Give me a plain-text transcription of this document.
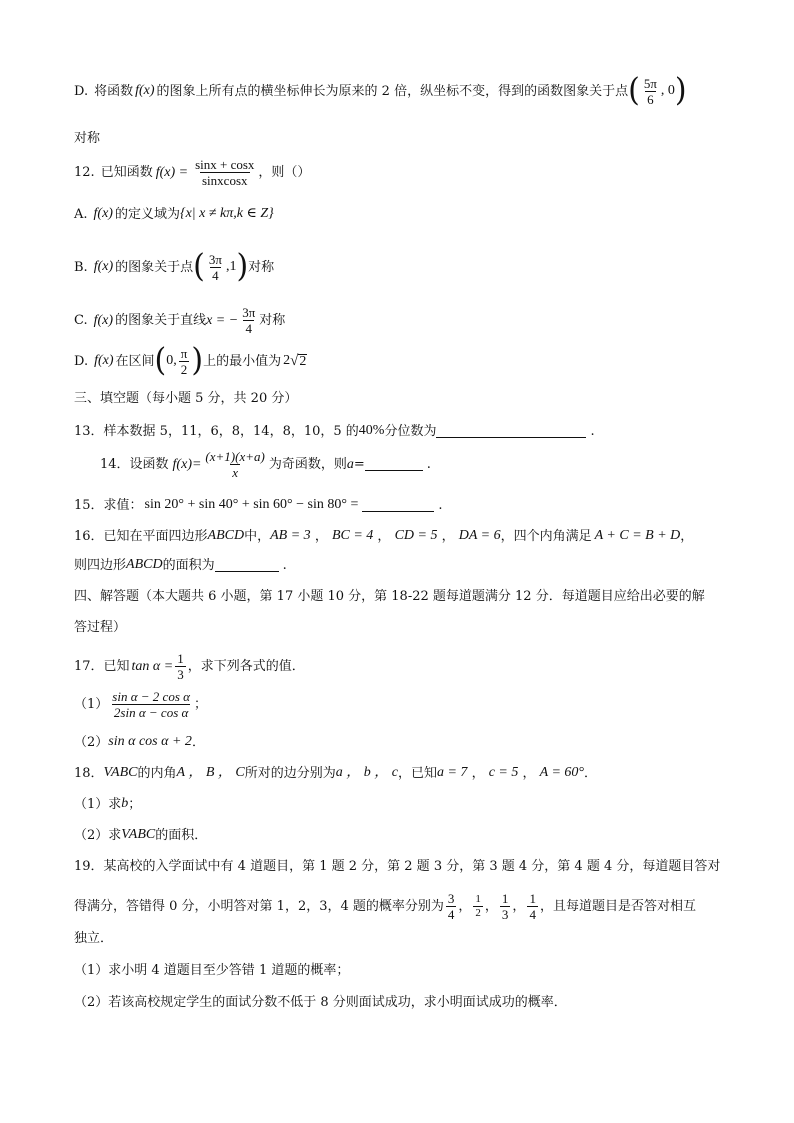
D. 将函数 f(x) 的图象上所有点的横坐标伸长为原来的 2 倍，纵坐标不变，得到的函数图象关于点 ( $\frac{5\pi}{6}$ , 0 )
对称
12. 已知函数 $f(x) = \frac{\sin x + \cos x}{\text{sinxcosx}}$ ，则（）
A. f(x) 的定义域为 {x| x ≠ kπ,k ∈ Z}
B. f(x) 的图象关于点 ( $\frac{3\pi}{4} ,1$ ) 对称
C. f(x) 的图象关于直线 x = − $\frac{3\pi}{4}$ 对称
D. f(x) 在区间 ( 0, $\frac{\pi}{2}$ ) 上的最小值为 2 √ 2
三、填空题（每小题 5 分，共 20 分）
13．样本数据 5，11，6，8，14，8，10，5 的 40% 分位数为	.
14．设函数 $f(x)= \frac{(x+1)(x+a)}{x}$ 为奇函数，则 a =	.
15．求值： sin 20° + sin 40° + sin 60° − sin 80° =	.
16．已知在平面四边形 ABCD 中， AB = 3 ， BC = 4 ， CD = 5 ， DA = 6 ，四个内角满足 A + C = B + D ，
则四边形 ABCD 的面积为	.
四、解答题（本大题共 6 小题，第 17 小题 10 分，第 18-22 题每道题满分 12 分．每道题目应给出必要的解
答过程）
17．已知 $\tan \alpha = \frac{1}{3}$ ，求下列各式的值．
$(1) \frac{\text{sin α − 2 cos α}}{\text{2sin α − cos α}}$ ；
（2） sin α cos α + 2 ．
18． VABC 的内角 A ， B ， C 所对的边分别为 a ， b ， c ，已知 a = 7 ， c = 5 ， A = 60° ．
（1）求 b ；
（2）求 VABC 的面积．
19．某高校的入学面试中有 4 道题目，第 1 题 2 分，第 2 题 3 分，第 3 题 4 分，第 4 题 4 分，每道题目答对
得满分，答错得 0 分，小明答对第 1，2，3，4 题的概率分别为 $\frac{3}{4}$ ， $\frac{1}{2}$ ， $\frac{1}{3}$ ， $\frac{1}{4}$ ，且每道题目是否答对相互
独立．
（1）求小明 4 道题目至少答错 1 道题的概率；
（2）若该高校规定学生的面试分数不低于 8 分则面试成功，求小明面试成功的概率．
